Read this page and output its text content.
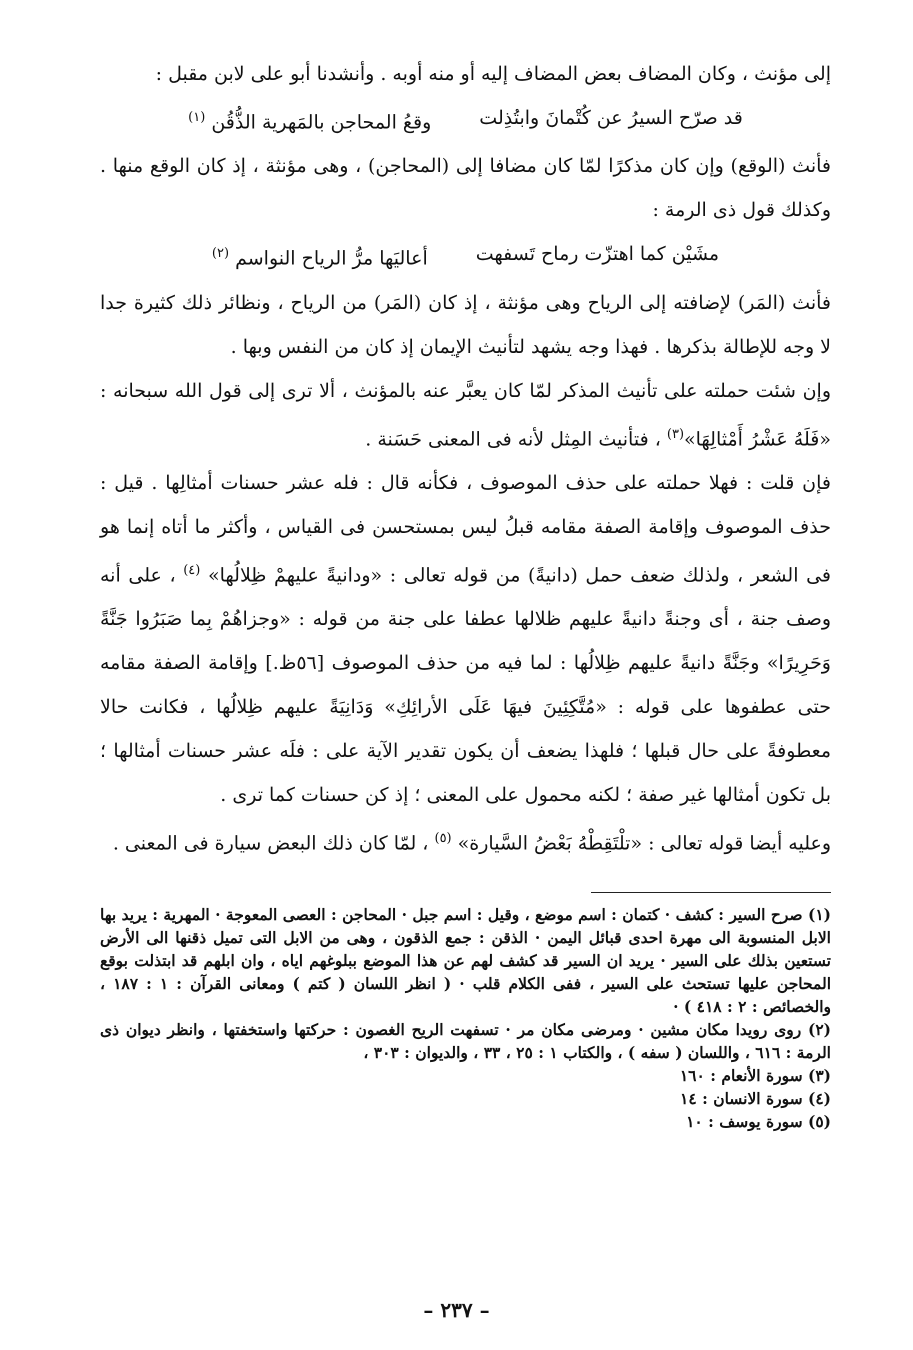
إلى مؤنث ، وكان المضاف بعض المضاف إليه أو منه أوبه . وأنشدنا أبو على لابن مقبل :

قد صرّح السيرُ عن كُتْمانَ وابتُذِلت
وقعُ المحاجن بالمَهرية الذُّقُن $^{(١)}$

فأنث (الوقع) وإن كان مذكرًا لمّا كان مضافا إلى (المحاجن) ، وهى مؤنثة ، إذ كان الوقع منها . وكذلك قول ذى الرمة :

مشَيْن كما اهتزّت رماح تَسفهت
أعاليَها مرُّ الرياح النواسم $^{(٢)}$

فأنث (المَر) لإضافته إلى الرياح وهى مؤنثة ، إذ كان (المَر) من الرياح ، ونظائر ذلك كثيرة جدا لا وجه للإطالة بذكرها . فهذا وجه يشهد لتأنيث الإيمان إذ كان من النفس وبها .

وإن شئت حملته على تأنيث المذكر لمّا كان يعبَّر عنه بالمؤنث ، ألا ترى إلى قول الله سبحانه : «فَلَهُ عَشْرُ أَمْثالِهَا»$^{(٣)}$ ، فتأنيث المِثل لأنه فى المعنى حَسَنة .

فإن قلت : فهلا حملته على حذف الموصوف ، فكأنه قال : فله عشر حسنات أمثالِها . قيل : حذف الموصوف وإقامة الصفة مقامه قبلُ ليس بمستحسن فى القياس ، وأكثر ما أتاه إنما هو فى الشعر ، ولذلك ضعف حمل (دانيةً) من قوله تعالى : «ودانيةً عليهمْ ظِلالُها» $^{(٤)}$ ، على أنه وصف جنة ، أى وجنةً دانيةً عليهم ظلالها عطفا على جنة من قوله : «وجزاهُمْ بِما صَبَرُوا جَنَّةً وَحَرِيرًا» وجَنَّةً دانيةً عليهم ظِلالُها : لما فيه من حذف الموصوف [٥٦ظ.] وإقامة الصفة مقامه حتى عطفوها على قوله : «مُتَّكِئِينَ فيهَا عَلَى الأرائِكِ» وَدَانِيَةً عليهم ظِلالُها ، فكانت حالا معطوفةً على حال قبلها ؛ فلهذا يضعف أن يكون تقدير الآية على : فلَه عشر حسنات أمثالها ؛ بل تكون أمثالها غير صفة ؛ لكنه محمول على المعنى ؛ إذ كن حسنات كما ترى .

وعليه أيضا قوله تعالى : «تلْتَقِطْهُ بَعْضُ السَّيارة» $^{(٥)}$ ، لمّا كان ذلك البعض سيارة فى المعنى .

(١) صرح السير : كشف · كتمان : اسم موضع ، وقيل : اسم جبل · المحاجن : العصى المعوجة · المهرية : يريد بها الابل المنسوبة الى مهرة احدى قبائل اليمن · الذقن : جمع الذقون ، وهى من الابل التى تميل ذقنها الى الأرض تستعين بذلك على السير · يريد ان السير قد كشف لهم عن هذا الموضع ببلوغهم اياه ، وان ابلهم قد ابتذلت بوقع المحاجن عليها تستحث على السير ، ففى الكلام قلب · ( انظر اللسان ( كتم ) ومعانى القرآن : ١ : ١٨٧ ، والخصائص : ٢ : ٤١٨ ) ·

(٢) روى رويدا مكان مشين · ومرضى مكان مر · تسفهت الريح الغصون : حركتها واستخفتها ، وانظر ديوان ذى الرمة : ٦١٦ ، واللسان ( سفه ) ، والكتاب ١ : ٢٥ ، ٣٣ ، والديوان : ٣٠٣ ،

(٣) سورة الأنعام : ١٦٠

(٤) سورة الانسان : ١٤

(٥) سورة يوسف : ١٠

– ٢٣٧ –
